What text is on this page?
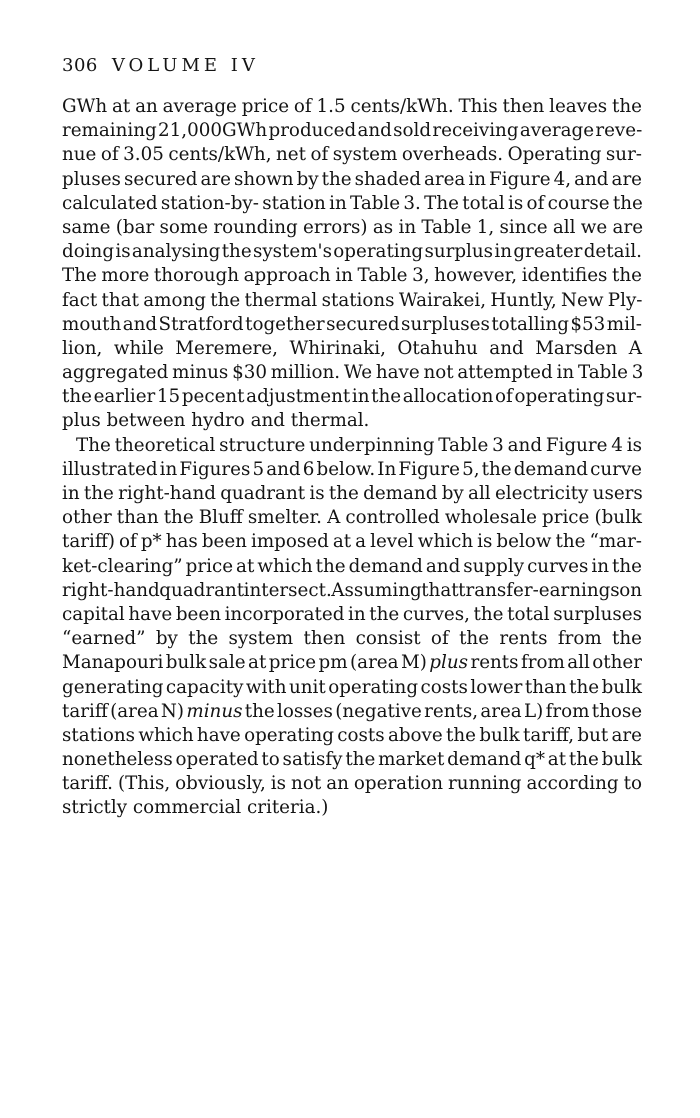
306 VOLUME IV
GWh at an average price of 1.5 cents/kWh. This then leaves the
remaining 21,000GWh produced and sold receiving average reve-
nue of 3.05 cents/kWh, net of system overheads. Operating sur-
pluses secured are shown by the shaded area in Figure 4, and are
calculated station-by- station in Table 3. The total is of course the
same (bar some rounding errors) as in Table 1, since all we are
doing is analysing the system's operating surplus in greater detail.
The more thorough approach in Table 3, however, identifies the
fact that among the thermal stations Wairakei, Huntly, New Ply-
mouth and Stratford together secured surpluses totalling $53 mil-
lion, while Meremere, Whirinaki, Otahuhu and Marsden A
aggregated minus $30 million. We have not attempted in Table 3
the earlier 15 pecent adjustment in the allocation of operating sur-
plus between hydro and thermal.
The theoretical structure underpinning Table 3 and Figure 4 is
illustrated in Figures 5 and 6 below. In Figure 5, the demand curve
in the right-hand quadrant is the demand by all electricity users
other than the Bluff smelter. A controlled wholesale price (bulk
tariff) of p* has been imposed at a level which is below the “mar-
ket-clearing” price at which the demand and supply curves in the
right-hand quadrant intersect. Assuming that transfer-earnings on
capital have been incorporated in the curves, the total surpluses
“earned” by the system then consist of the rents from the
Manapouri bulk sale at price pm (area M) plus rents from all other
generating capacity with unit operating costs lower than the bulk
tariff (area N) minus the losses (negative rents, area L) from those
stations which have operating costs above the bulk tariff, but are
nonetheless operated to satisfy the market demand q* at the bulk
tariff. (This, obviously, is not an operation running according to
strictly commercial criteria.)
